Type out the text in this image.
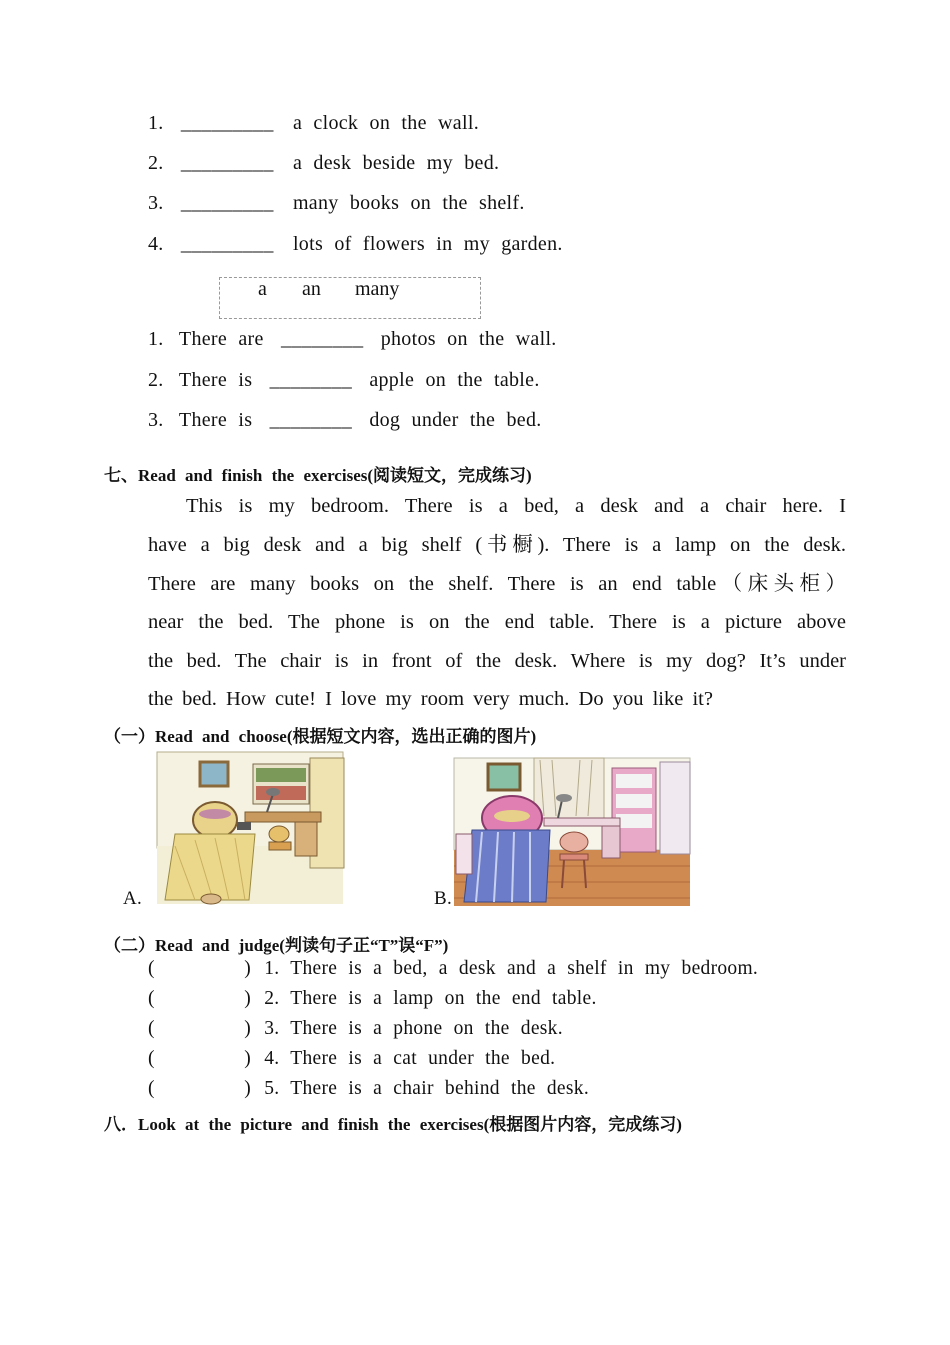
1. _________ a clock on the wall.
2. _________ a desk beside my bed.
3. _________ many books on the shelf.
4. _________ lots of flowers in my garden.
a an many
1. There are ________ photos on the wall.
2. There is ________ apple on the table.
3. There is ________ dog under the bed.
七、Read and finish the exercises(阅读短文，完成练习)
This is my bedroom. There is a bed, a desk and a chair here. I
have a big desk and a big shelf (书橱). There is a lamp on the desk.
There are many books on the shelf. There is an end table（床头柜）
near the bed. The phone is on the end table. There is a picture above
the bed. The chair is in front of the desk. Where is my dog? It’s under
the bed. How cute! I love my room very much. Do you like it?
（一）Read and choose(根据短文内容，选出正确的图片)
A.	B.
（二）Read and judge(判读句子正“T”误“F”)
(        ) 1. There is a bed, a desk and a shelf in my bedroom.
(        ) 2. There is a lamp on the end table.
(        ) 3. There is a phone on the desk.
(        ) 4. There is a cat under the bed.
(        ) 5. There is a chair behind the desk.
八．Look at the picture and finish the exercises(根据图片内容，完成练习)
